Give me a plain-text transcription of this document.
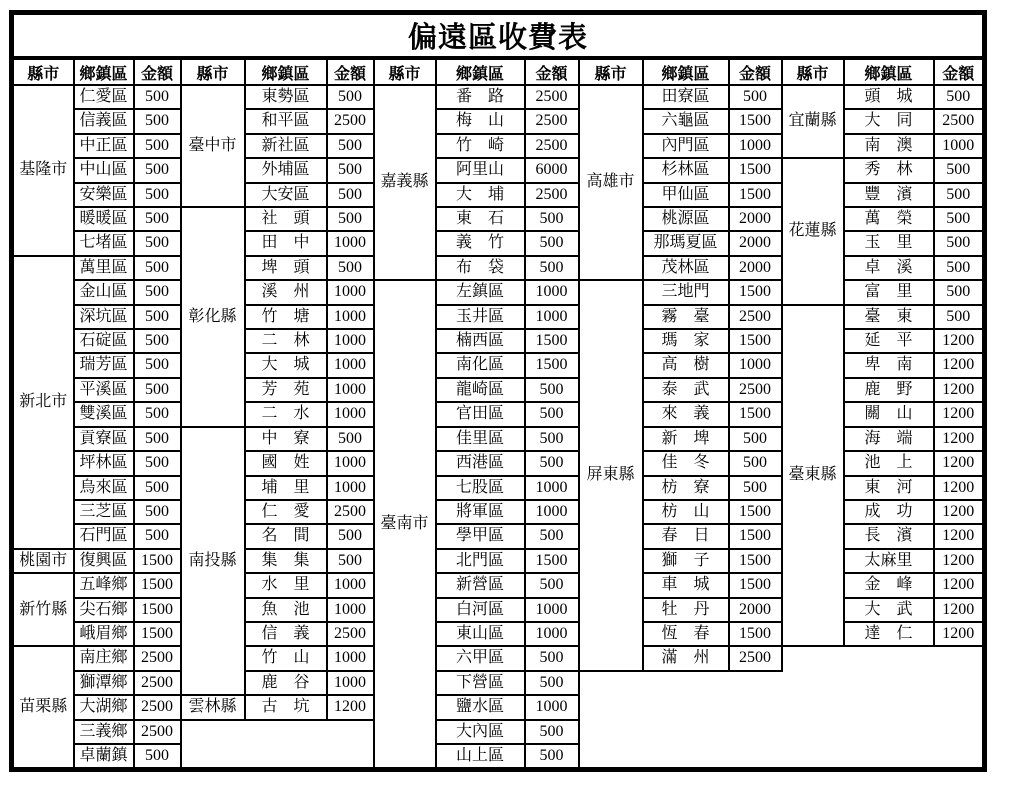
偏遠區收費表														
縣市	鄉鎮區	金額	縣市	鄉鎮區	金額	縣市	鄉鎮區	金額	縣市	鄉鎮區	金額	縣市	鄉鎮區	金額
基隆市	仁愛區	500	臺中市	東勢區	500	嘉義縣	番　路	2500	高雄市	田寮區	500	宜蘭縣	頭　城	500
	信義區	500		和平區	2500		梅　山	2500		六龜區	1500		大　同	2500
	中正區	500		新社區	500		竹　崎	2500		內門區	1000		南　澳	1000
	中山區	500		外埔區	500		阿里山	6000		杉林區	1500	花蓮縣	秀　林	500
	安樂區	500		大安區	500		大　埔	2500		甲仙區	1500		豐　濱	500
	暖暖區	500	彰化縣	社　頭	500		東　石	500		桃源區	2000		萬　榮	500
	七堵區	500		田　中	1000		義　竹	500		那瑪夏區	2000		玉　里	500
新北市	萬里區	500		埤　頭	500		布　袋	500		茂林區	2000		卓　溪	500
	金山區	500		溪　州	1000	臺南市	左鎮區	1000	屏東縣	三地門	1500		富　里	500
	深坑區	500		竹　塘	1000		玉井區	1000		霧　臺	2500	臺東縣	臺　東	500
	石碇區	500		二　林	1000		楠西區	1500		瑪　家	1500		延　平	1200
	瑞芳區	500		大　城	1000		南化區	1500		高　樹	1000		卑　南	1200
	平溪區	500		芳　苑	1000		龍崎區	500		泰　武	2500		鹿　野	1200
	雙溪區	500		二　水	1000		官田區	500		來　義	1500		關　山	1200
	貢寮區	500	南投縣	中　寮	500		佳里區	500		新　埤	500		海　端	1200
	坪林區	500		國　姓	1000		西港區	500		佳　冬	500		池　上	1200
	烏來區	500		埔　里	1000		七股區	1000		枋　寮	500		東　河	1200
	三芝區	500		仁　愛	2500		將軍區	1000		枋　山	1500		成　功	1200
	石門區	500		名　間	500		學甲區	500		春　日	1500		長　濱	1200
桃園市	復興區	1500		集　集	500		北門區	1500		獅　子	1500		太麻里	1200
新竹縣	五峰鄉	1500		水　里	1000		新營區	500		車　城	1500		金　峰	1200
	尖石鄉	1500		魚　池	1000		白河區	1000		牡　丹	2000		大　武	1200
	峨眉鄉	1500		信　義	2500		東山區	1000		恆　春	1500		達　仁	1200
苗栗縣	南庄鄉	2500		竹　山	1000		六甲區	500		滿　州	2500			
	獅潭鄉	2500		鹿　谷	1000		下營區	500						
	大湖鄉	2500	雲林縣	古　坑	1200		鹽水區	1000						
	三義鄉	2500					大內區	500						
	卓蘭鎮	500					山上區	500						
